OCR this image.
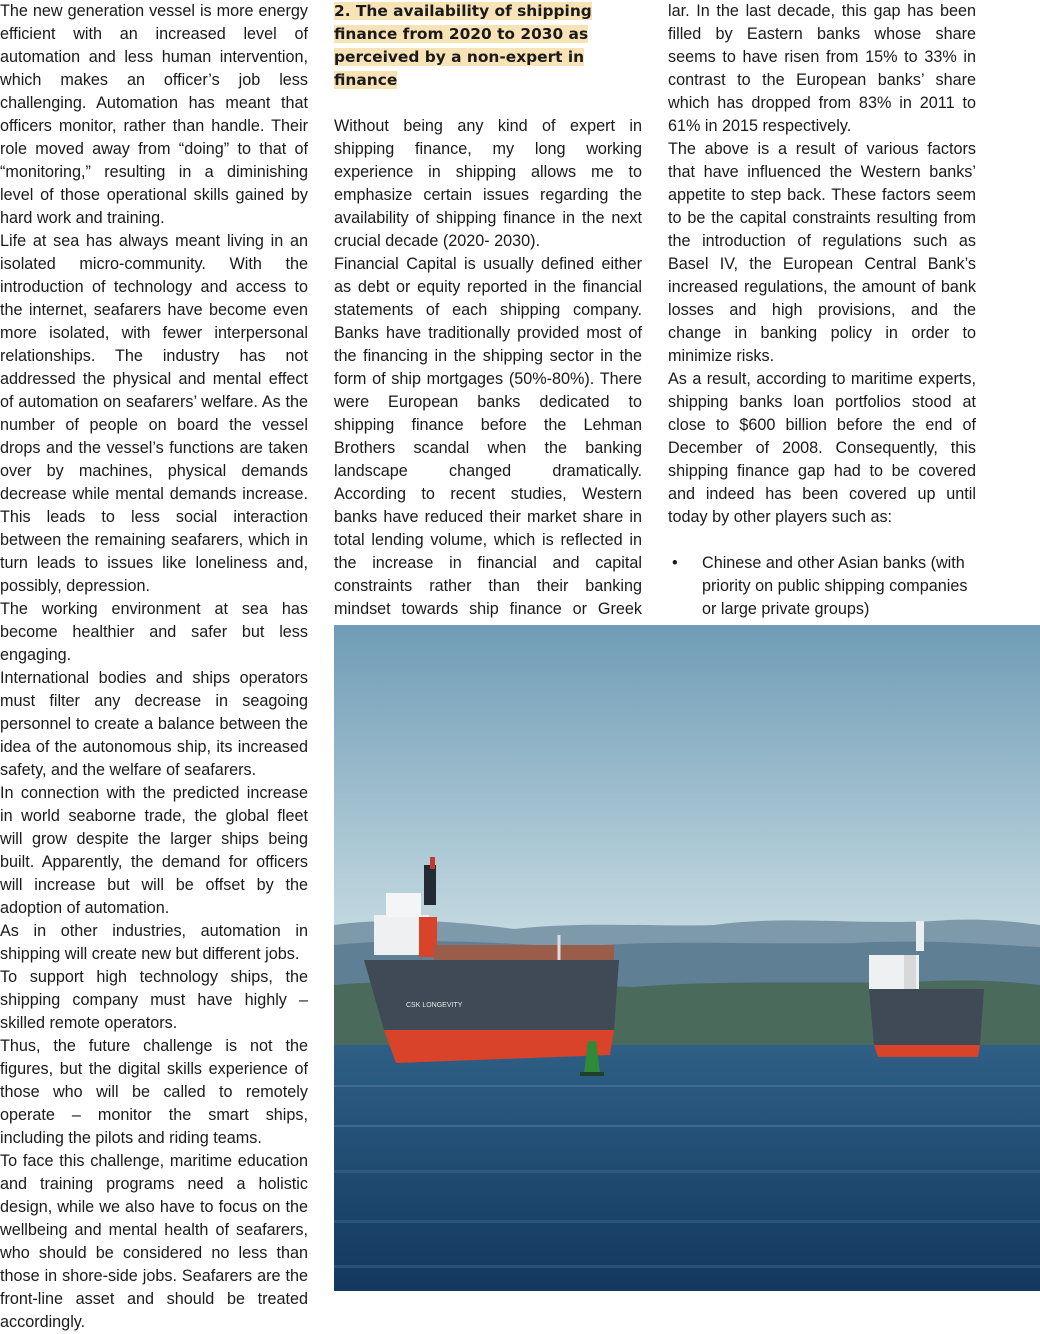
The new generation vessel is more energy efficient with an increased level of automation and less human intervention, which makes an officer’s job less challenging. Automation has meant that officers monitor, rather than handle. Their role moved away from “doing” to that of “monitoring,” resulting in a diminishing level of those operational skills gained by hard work and training.

Life at sea has always meant living in an isolated micro-community. With the introduction of technology and access to the internet, seafarers have become even more isolated, with fewer interpersonal relationships. The industry has not addressed the physical and mental effect of automation on seafarers’ welfare. As the number of people on board the vessel drops and the vessel’s functions are taken over by machines, physical demands decrease while mental demands increase. This leads to less social interaction between the remaining seafarers, which in turn leads to issues like loneliness and, possibly, depression.

The working environment at sea has become healthier and safer but less engaging.

International bodies and ships operators must filter any decrease in seagoing personnel to create a balance between the idea of the autonomous ship, its increased safety, and the welfare of seafarers.

In connection with the predicted increase in world seaborne trade, the global fleet will grow despite the larger ships being built. Apparently, the demand for officers will increase but will be offset by the adoption of automation.

As in other industries, automation in shipping will create new but different jobs.

To support high technology ships, the shipping company must have highly – skilled remote operators.

Thus, the future challenge is not the figures, but the digital skills experience of those who will be called to remotely operate – monitor the smart ships, including the pilots and riding teams.

To face this challenge, maritime education and training programs need a holistic design, while we also have to focus on the wellbeing and mental health of seafarers, who should be considered no less than those in shore-side jobs. Seafarers are the front-line asset and should be treated accordingly.

2. The availability of shipping finance from 2020 to 2030 as perceived by a non-expert in finance

Without being any kind of expert in shipping finance, my long working experience in shipping allows me to emphasize certain issues regarding the availability of shipping finance in the next crucial decade (2020- 2030).

Financial Capital is usually defined either as debt or equity reported in the financial statements of each shipping company. Banks have traditionally provided most of the financing in the shipping sector in the form of ship mortgages (50%-80%). There were European banks dedicated to shipping finance before the Lehman Brothers scandal when the banking landscape changed dramatically. According to recent studies, Western banks have reduced their market share in total lending volume, which is reflected in the increase in financial and capital constraints rather than their banking mindset towards ship finance or Greek

lar. In the last decade, this gap has been filled by Eastern banks whose share seems to have risen from 15% to 33% in contrast to the European banks’ share which has dropped from 83% in 2011 to 61% in 2015 respectively.

The above is a result of various factors that have influenced the Western banks’ appetite to step back. These factors seem to be the capital constraints resulting from the introduction of regulations such as Basel IV, the European Central Bank’s increased regulations, the amount of bank losses and high provisions, and the change in banking policy in order to minimize risks.

As a result, according to maritime experts, shipping banks loan portfolios stood at close to $600 billion before the end of December of 2008. Consequently, this shipping finance gap had to be covered and indeed has been covered up until today by other players such as:

• Chinese and other Asian banks (with priority on public shipping companies or large private groups)
CSK LONGEVITY
